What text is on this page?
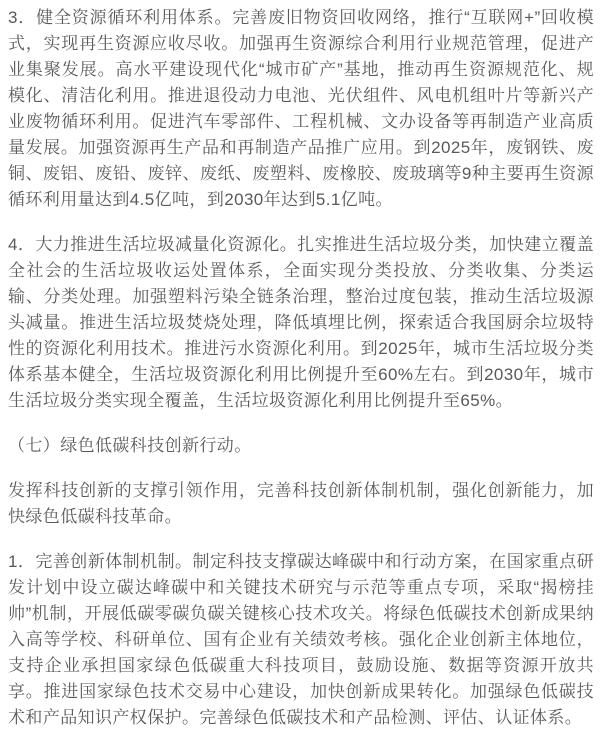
3．健全资源循环利用体系。完善废旧物资回收网络，推行“互联网+”回收模式，实现再生资源应收尽收。加强再生资源综合利用行业规范管理，促进产业集聚发展。高水平建设现代化“城市矿产”基地，推动再生资源规范化、规模化、清洁化利用。推进退役动力电池、光伏组件、风电机组叶片等新兴产业废物循环利用。促进汽车零部件、工程机械、文办设备等再制造产业高质量发展。加强资源再生产品和再制造产品推广应用。到2025年，废钢铁、废铜、废铝、废铅、废锌、废纸、废塑料、废橡胶、废玻璃等9种主要再生资源循环利用量达到4.5亿吨，到2030年达到5.1亿吨。

4．大力推进生活垃圾减量化资源化。扎实推进生活垃圾分类，加快建立覆盖全社会的生活垃圾收运处置体系，全面实现分类投放、分类收集、分类运输、分类处理。加强塑料污染全链条治理，整治过度包装，推动生活垃圾源头减量。推进生活垃圾焚烧处理，降低填埋比例，探索适合我国厨余垃圾特性的资源化利用技术。推进污水资源化利用。到2025年，城市生活垃圾分类体系基本健全，生活垃圾资源化利用比例提升至60%左右。到2030年，城市生活垃圾分类实现全覆盖，生活垃圾资源化利用比例提升至65%。

（七）绿色低碳科技创新行动。

发挥科技创新的支撑引领作用，完善科技创新体制机制，强化创新能力，加快绿色低碳科技革命。

1．完善创新体制机制。制定科技支撑碳达峰碳中和行动方案，在国家重点研发计划中设立碳达峰碳中和关键技术研究与示范等重点专项，采取“揭榜挂帅”机制，开展低碳零碳负碳关键核心技术攻关。将绿色低碳技术创新成果纳入高等学校、科研单位、国有企业有关绩效考核。强化企业创新主体地位，支持企业承担国家绿色低碳重大科技项目，鼓励设施、数据等资源开放共享。推进国家绿色技术交易中心建设，加快创新成果转化。加强绿色低碳技术和产品知识产权保护。完善绿色低碳技术和产品检测、评估、认证体系。
